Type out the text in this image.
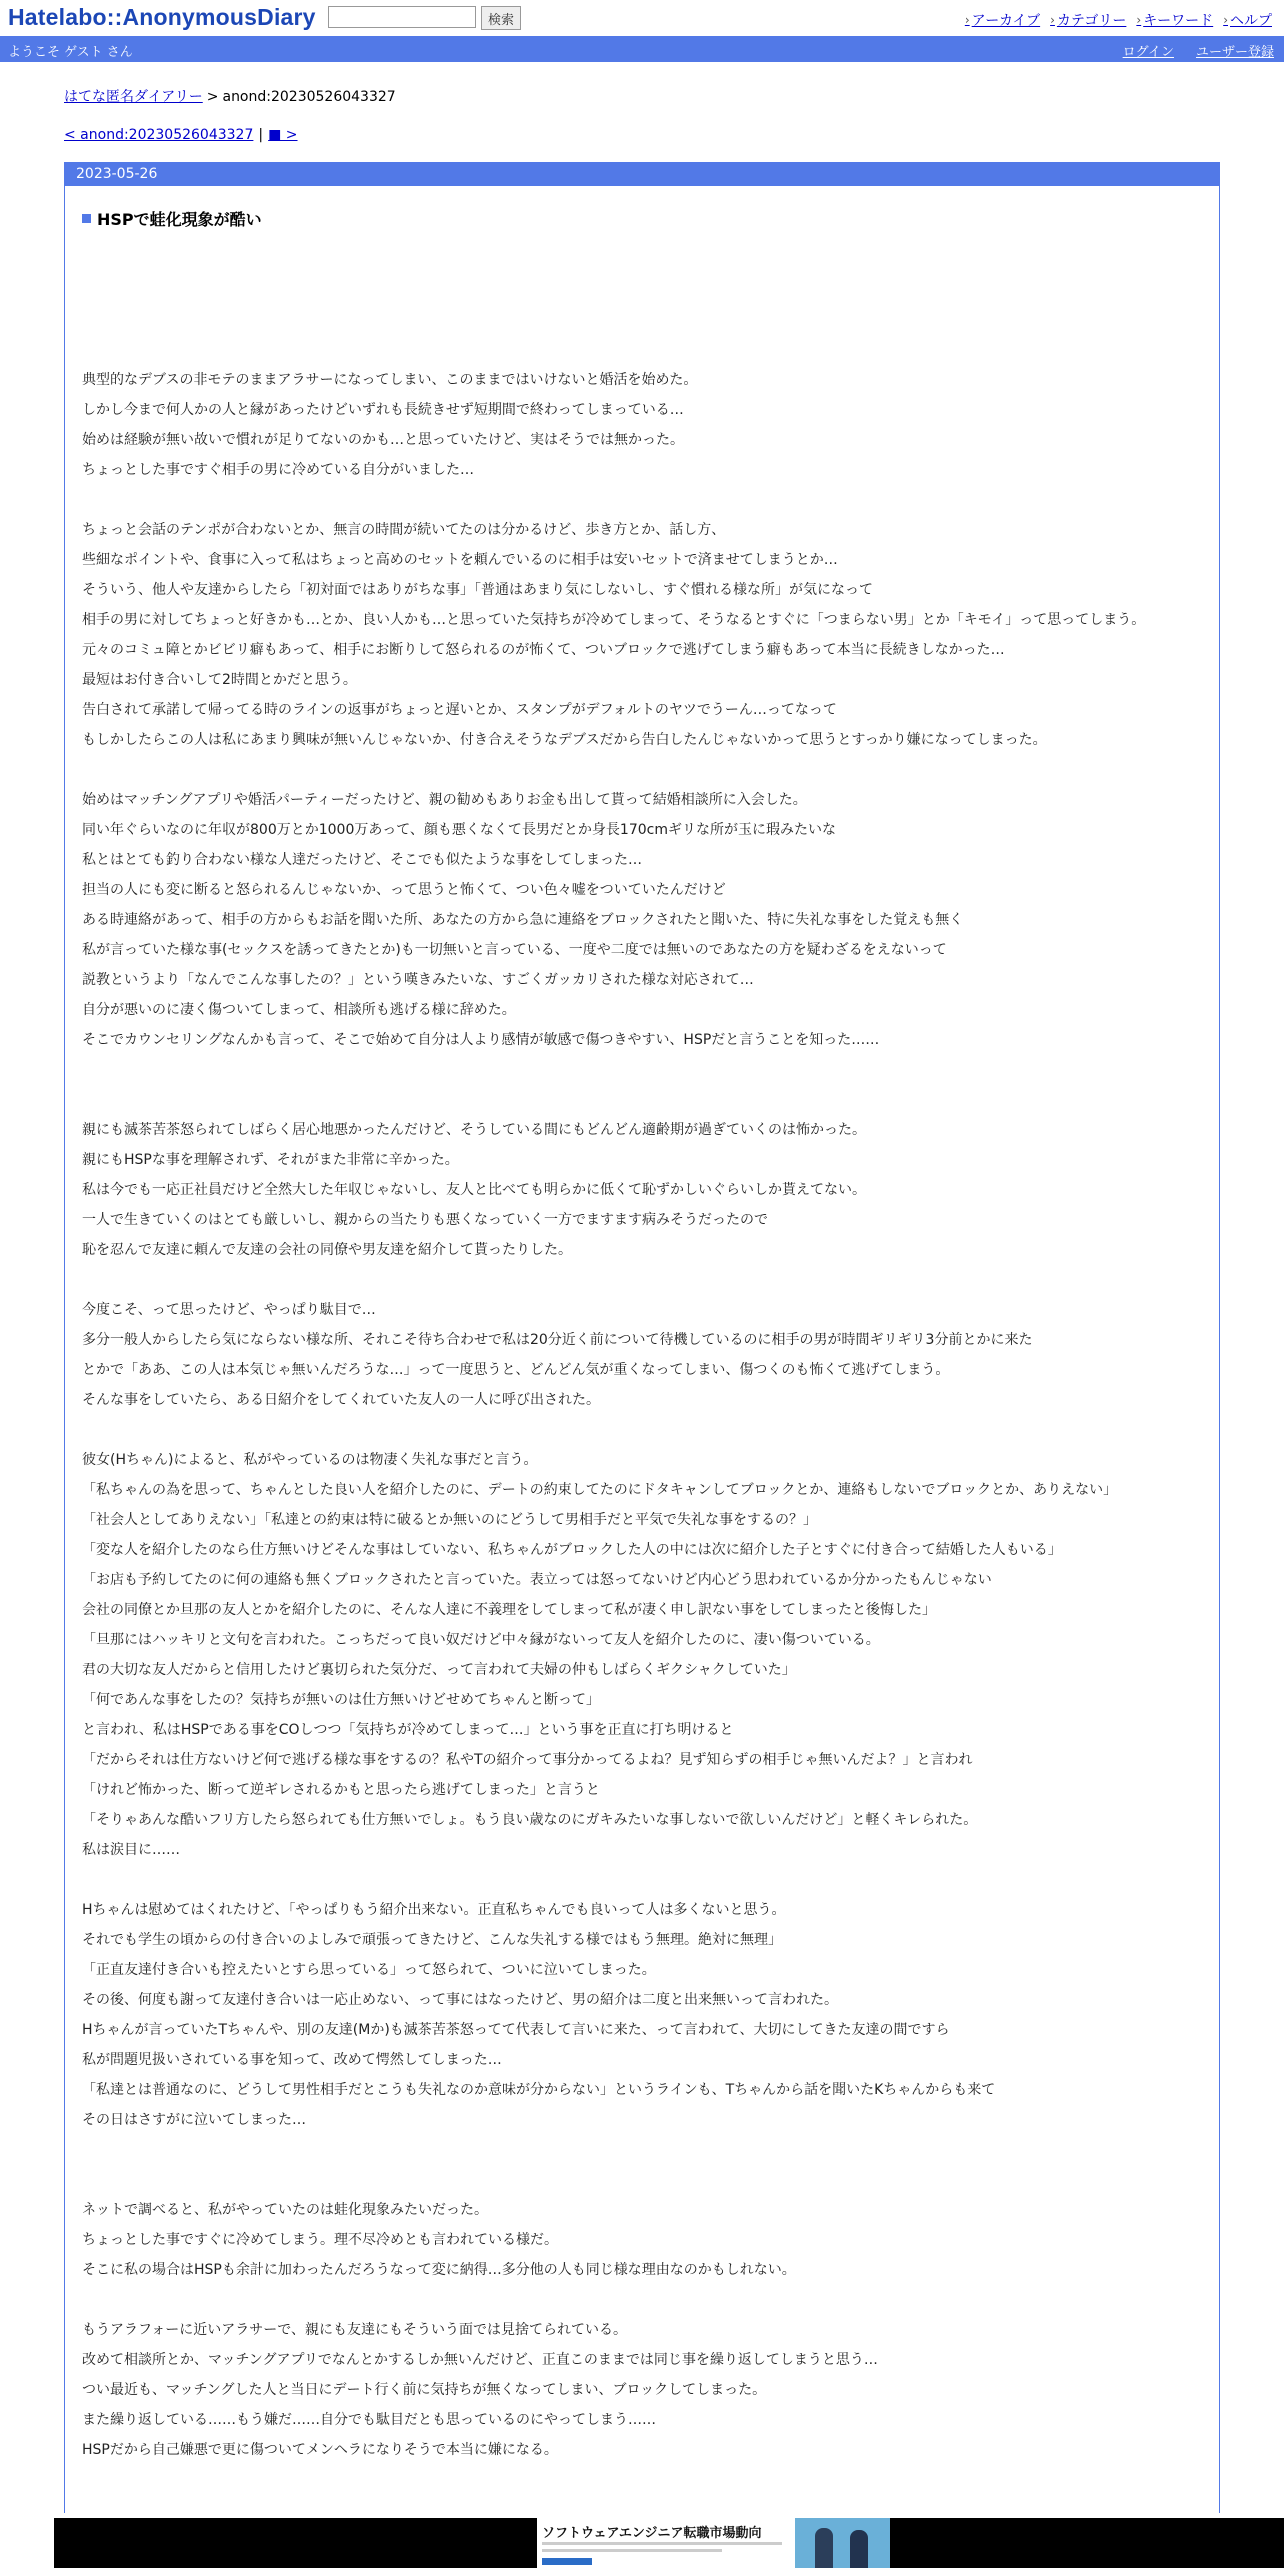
Hatelabo::AnonymousDiary	検索	› アーカイブ › カテゴリー › キーワード › ヘルプ
ようこそ ゲスト さん	ログイン ユーザー登録
はてな匿名ダイアリー > anond:20230526043327
< anond:20230526043327 | ■ >
2023-05-26
HSPで蛙化現象が酷い

典型的なデブスの非モテのままアラサーになってしまい、このままではいけないと婚活を始めた。

しかし今まで何人かの人と縁があったけどいずれも長続きせず短期間で終わってしまっている…

始めは経験が無い故いで慣れが足りてないのかも…と思っていたけど、実はそうでは無かった。

ちょっとした事ですぐ相手の男に冷めている自分がいました…

ちょっと会話のテンポが合わないとか、無言の時間が続いてたのは分かるけど、歩き方とか、話し方、

些細なポイントや、食事に入って私はちょっと高めのセットを頼んでいるのに相手は安いセットで済ませてしまうとか…

そういう、他人や友達からしたら「初対面ではありがちな事」「普通はあまり気にしないし、すぐ慣れる様な所」が気になって

相手の男に対してちょっと好きかも…とか、良い人かも…と思っていた気持ちが冷めてしまって、そうなるとすぐに「つまらない男」とか「キモイ」って思ってしまう。

元々のコミュ障とかビビリ癖もあって、相手にお断りして怒られるのが怖くて、ついブロックで逃げてしまう癖もあって本当に長続きしなかった…

最短はお付き合いして2時間とかだと思う。

告白されて承諾して帰ってる時のラインの返事がちょっと遅いとか、スタンプがデフォルトのヤツでうーん…ってなって

もしかしたらこの人は私にあまり興味が無いんじゃないか、付き合えそうなデブスだから告白したんじゃないかって思うとすっかり嫌になってしまった。

始めはマッチングアプリや婚活パーティーだったけど、親の勧めもありお金も出して貰って結婚相談所に入会した。

同い年ぐらいなのに年収が800万とか1000万あって、顔も悪くなくて長男だとか身長170cmギリな所が玉に瑕みたいな

私とはとても釣り合わない様な人達だったけど、そこでも似たような事をしてしまった…

担当の人にも変に断ると怒られるんじゃないか、って思うと怖くて、つい色々嘘をついていたんだけど

ある時連絡があって、相手の方からもお話を聞いた所、あなたの方から急に連絡をブロックされたと聞いた、特に失礼な事をした覚えも無く

私が言っていた様な事(セックスを誘ってきたとか)も一切無いと言っている、一度や二度では無いのであなたの方を疑わざるをえないって

説教というより「なんでこんな事したの？」という嘆きみたいな、すごくガッカリされた様な対応されて…

自分が悪いのに凄く傷ついてしまって、相談所も逃げる様に辞めた。

そこでカウンセリングなんかも言って、そこで始めて自分は人より感情が敏感で傷つきやすい、HSPだと言うことを知った……

親にも滅茶苦茶怒られてしばらく居心地悪かったんだけど、そうしている間にもどんどん適齢期が過ぎていくのは怖かった。

親にもHSPな事を理解されず、それがまた非常に辛かった。

私は今でも一応正社員だけど全然大した年収じゃないし、友人と比べても明らかに低くて恥ずかしいぐらいしか貰えてない。

一人で生きていくのはとても厳しいし、親からの当たりも悪くなっていく一方でますます病みそうだったので

恥を忍んで友達に頼んで友達の会社の同僚や男友達を紹介して貰ったりした。

今度こそ、って思ったけど、やっぱり駄目で…

多分一般人からしたら気にならない様な所、それこそ待ち合わせで私は20分近く前について待機しているのに相手の男が時間ギリギリ3分前とかに来た

とかで「ああ、この人は本気じゃ無いんだろうな…」って一度思うと、どんどん気が重くなってしまい、傷つくのも怖くて逃げてしまう。

そんな事をしていたら、ある日紹介をしてくれていた友人の一人に呼び出された。

彼女(Hちゃん)によると、私がやっているのは物凄く失礼な事だと言う。

「私ちゃんの為を思って、ちゃんとした良い人を紹介したのに、デートの約束してたのにドタキャンしてブロックとか、連絡もしないでブロックとか、ありえない」

「社会人としてありえない」「私達との約束は特に破るとか無いのにどうして男相手だと平気で失礼な事をするの？」

「変な人を紹介したのなら仕方無いけどそんな事はしていない、私ちゃんがブロックした人の中には次に紹介した子とすぐに付き合って結婚した人もいる」

「お店も予約してたのに何の連絡も無くブロックされたと言っていた。表立っては怒ってないけど内心どう思われているか分かったもんじゃない

会社の同僚とか旦那の友人とかを紹介したのに、そんな人達に不義理をしてしまって私が凄く申し訳ない事をしてしまったと後悔した」

「旦那にはハッキリと文句を言われた。こっちだって良い奴だけど中々縁がないって友人を紹介したのに、凄い傷ついている。

君の大切な友人だからと信用したけど裏切られた気分だ、って言われて夫婦の仲もしばらくギクシャクしていた」

「何であんな事をしたの？気持ちが無いのは仕方無いけどせめてちゃんと断って」

と言われ、私はHSPである事をCOしつつ「気持ちが冷めてしまって…」という事を正直に打ち明けると

「だからそれは仕方ないけど何で逃げる様な事をするの？私やTの紹介って事分かってるよね？見ず知らずの相手じゃ無いんだよ？」と言われ

「けれど怖かった、断って逆ギレされるかもと思ったら逃げてしまった」と言うと

「そりゃあんな酷いフリ方したら怒られても仕方無いでしょ。もう良い歳なのにガキみたいな事しないで欲しいんだけど」と軽くキレられた。

私は涙目に……

Hちゃんは慰めてはくれたけど、「やっぱりもう紹介出来ない。正直私ちゃんでも良いって人は多くないと思う。

それでも学生の頃からの付き合いのよしみで頑張ってきたけど、こんな失礼する様ではもう無理。絶対に無理」

「正直友達付き合いも控えたいとすら思っている」って怒られて、ついに泣いてしまった。

その後、何度も謝って友達付き合いは一応止めない、って事にはなったけど、男の紹介は二度と出来無いって言われた。

Hちゃんが言っていたTちゃんや、別の友達(Mか)も滅茶苦茶怒ってて代表して言いに来た、って言われて、大切にしてきた友達の間ですら

私が問題児扱いされている事を知って、改めて愕然してしまった…

「私達とは普通なのに、どうして男性相手だとこうも失礼なのか意味が分からない」というラインも、Tちゃんから話を聞いたKちゃんからも来て

その日はさすがに泣いてしまった…

ネットで調べると、私がやっていたのは蛙化現象みたいだった。

ちょっとした事ですぐに冷めてしまう。理不尽冷めとも言われている様だ。

そこに私の場合はHSPも余計に加わったんだろうなって変に納得…多分他の人も同じ様な理由なのかもしれない。

もうアラフォーに近いアラサーで、親にも友達にもそういう面では見捨てられている。

改めて相談所とか、マッチングアプリでなんとかするしか無いんだけど、正直このままでは同じ事を繰り返してしまうと思う…

つい最近も、マッチングした人と当日にデート行く前に気持ちが無くなってしまい、ブロックしてしまった。

また繰り返している……もう嫌だ……自分でも駄目だとも思っているのにやってしまう……

HSPだから自己嫌悪で更に傷ついてメンヘラになりそうで本当に嫌になる。

ソフトウェアエンジニア転職市場動向
